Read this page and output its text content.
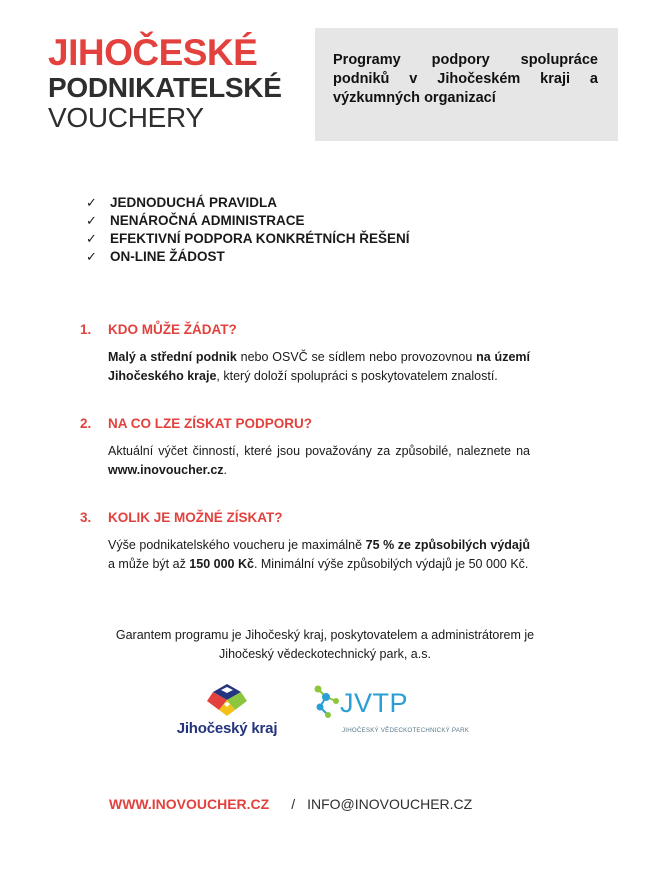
JIHOČESKÉ
PODNIKATELSKÉ
VOUCHERY

Programy podpory spolupráce podniků v Jihočeském kraji a výzkumných organizací

✓ JEDNODUCHÁ PRAVIDLA
✓ NENÁROČNÁ ADMINISTRACE
✓ EFEKTIVNÍ PODPORA KONKRÉTNÍCH ŘEŠENÍ
✓ ON-LINE ŽÁDOST
1.	KDO MŮŽE ŽÁDAT?
Malý a střední podnik nebo OSVČ se sídlem nebo provozovnou na území Jihočeského kraje, který doloží spolupráci s poskytovatelem znalostí.
2.	NA CO LZE ZÍSKAT PODPORU?
Aktuální výčet činností, které jsou považovány za způsobilé, naleznete na www.inovoucher.cz.
3.	KOLIK JE MOŽNÉ ZÍSKAT?
Výše podnikatelského voucheru je maximálně 75 % ze způsobilých výdajů a může být až 150 000 Kč. Minimální výše způsobilých výdajů je 50 000 Kč.
Garantem programu je Jihočeský kraj, poskytovatelem a administrátorem je
Jihočeský vědeckotechnický park, a.s.
Jihočeský kraj
JVTP
JIHOČESKÝ VĚDECKOTECHNICKÝ PARK
WWW.INOVOUCHER.CZ / INFO@INOVOUCHER.CZ
